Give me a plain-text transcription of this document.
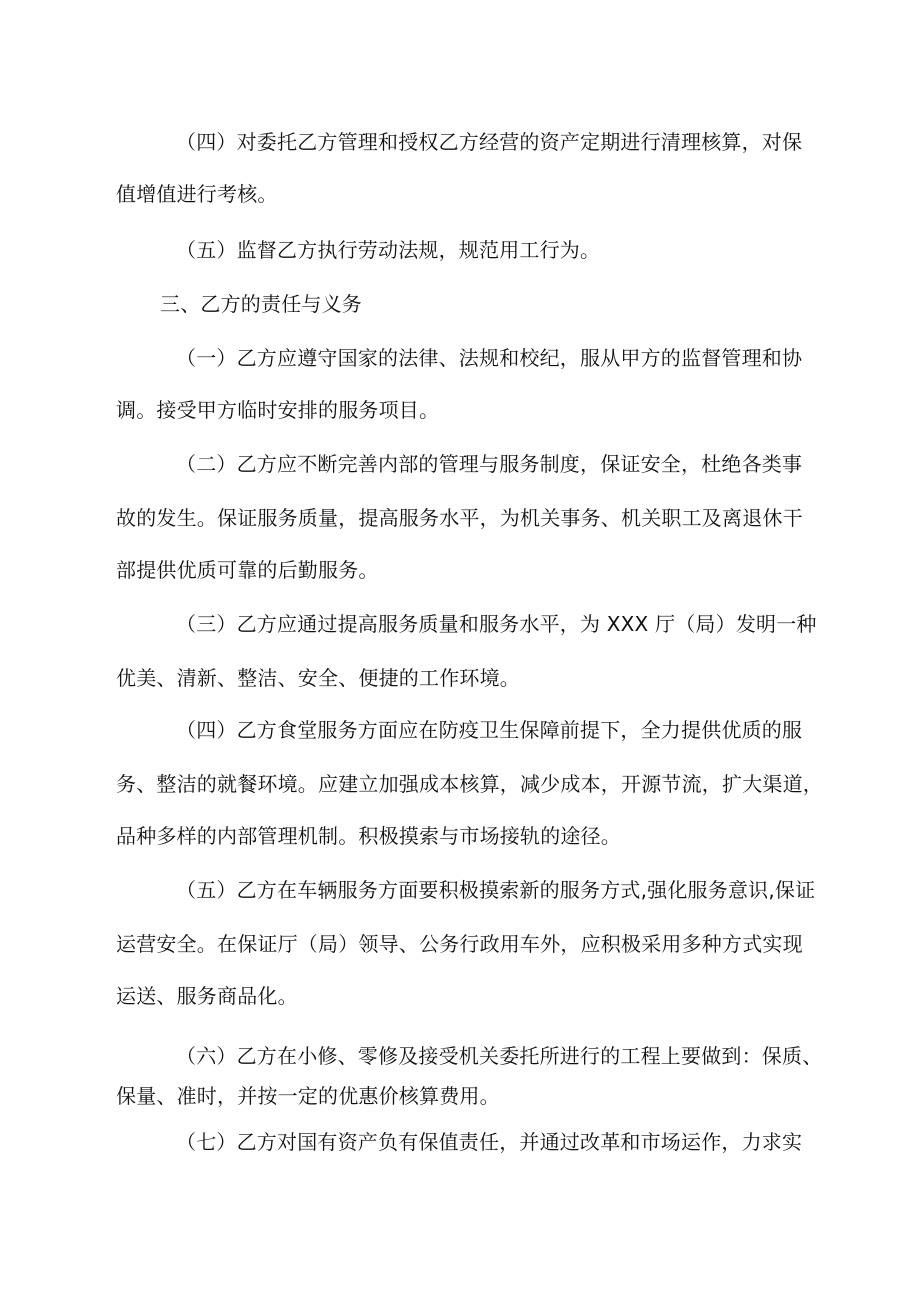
（四）对委托乙方管理和授权乙方经营的资产定期进行清理核算，对保
值增值进行考核。
（五）监督乙方执行劳动法规，规范用工行为。
三、乙方的责任与义务
（一）乙方应遵守国家的法律、法规和校纪，服从甲方的监督管理和协
调。接受甲方临时安排的服务项目。
（二）乙方应不断完善内部的管理与服务制度，保证安全，杜绝各类事
故的发生。保证服务质量，提高服务水平，为机关事务、机关职工及离退休干
部提供优质可靠的后勤服务。
（三）乙方应通过提高服务质量和服务水平，为 XXX 厅（局）发明一种
优美、清新、整洁、安全、便捷的工作环境。
（四）乙方食堂服务方面应在防疫卫生保障前提下，全力提供优质的服
务、整洁的就餐环境。应建立加强成本核算，减少成本，开源节流，扩大渠道，
品种多样的内部管理机制。积极摸索与市场接轨的途径。
（五）乙方在车辆服务方面要积极摸索新的服务方式,强化服务意识,保证
运营安全。在保证厅（局）领导、公务行政用车外，应积极采用多种方式实现
运送、服务商品化。
（六）乙方在小修、零修及接受机关委托所进行的工程上要做到：保质、
保量、准时，并按一定的优惠价核算费用。
（七）乙方对国有资产负有保值责任，并通过改革和市场运作，力求实
